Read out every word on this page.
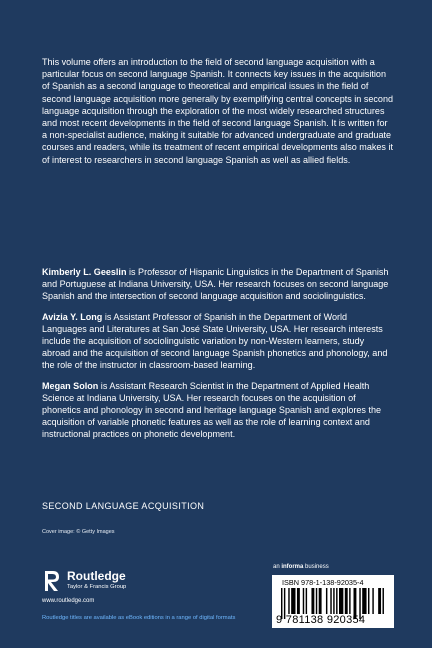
This volume offers an introduction to the field of second language acquisition with a particular focus on second language Spanish. It connects key issues in the acquisition of Spanish as a second language to theoretical and empirical issues in the field of second language acquisition more generally by exemplifying central concepts in second language acquisition through the exploration of the most widely researched structures and most recent developments in the field of second language Spanish. It is written for a non-specialist audience, making it suitable for advanced undergraduate and graduate courses and readers, while its treatment of recent empirical developments also makes it of interest to researchers in second language Spanish as well as allied fields.

Kimberly L. Geeslin is Professor of Hispanic Linguistics in the Department of Spanish and Portuguese at Indiana University, USA. Her research focuses on second language Spanish and the intersection of second language acquisition and sociolinguistics.

Avizia Y. Long is Assistant Professor of Spanish in the Department of World Languages and Literatures at San José State University, USA. Her research interests include the acquisition of sociolinguistic variation by non-Western learners, study abroad and the acquisition of second language Spanish phonetics and phonology, and the role of the instructor in classroom-based learning.

Megan Solon is Assistant Research Scientist in the Department of Applied Health Science at Indiana University, USA. Her research focuses on the acquisition of phonetics and phonology in second and heritage language Spanish and explores the acquisition of variable phonetic features as well as the role of learning context and instructional practices on phonetic development.

SECOND LANGUAGE ACQUISITION

Cover image: © Getty Images

Routledge

Taylor & Francis Group

www.routledge.com

Routledge titles are available as eBook editions in a range of digital formats

an informa business

ISBN 978-1-138-92035-4

9 781138 920354
